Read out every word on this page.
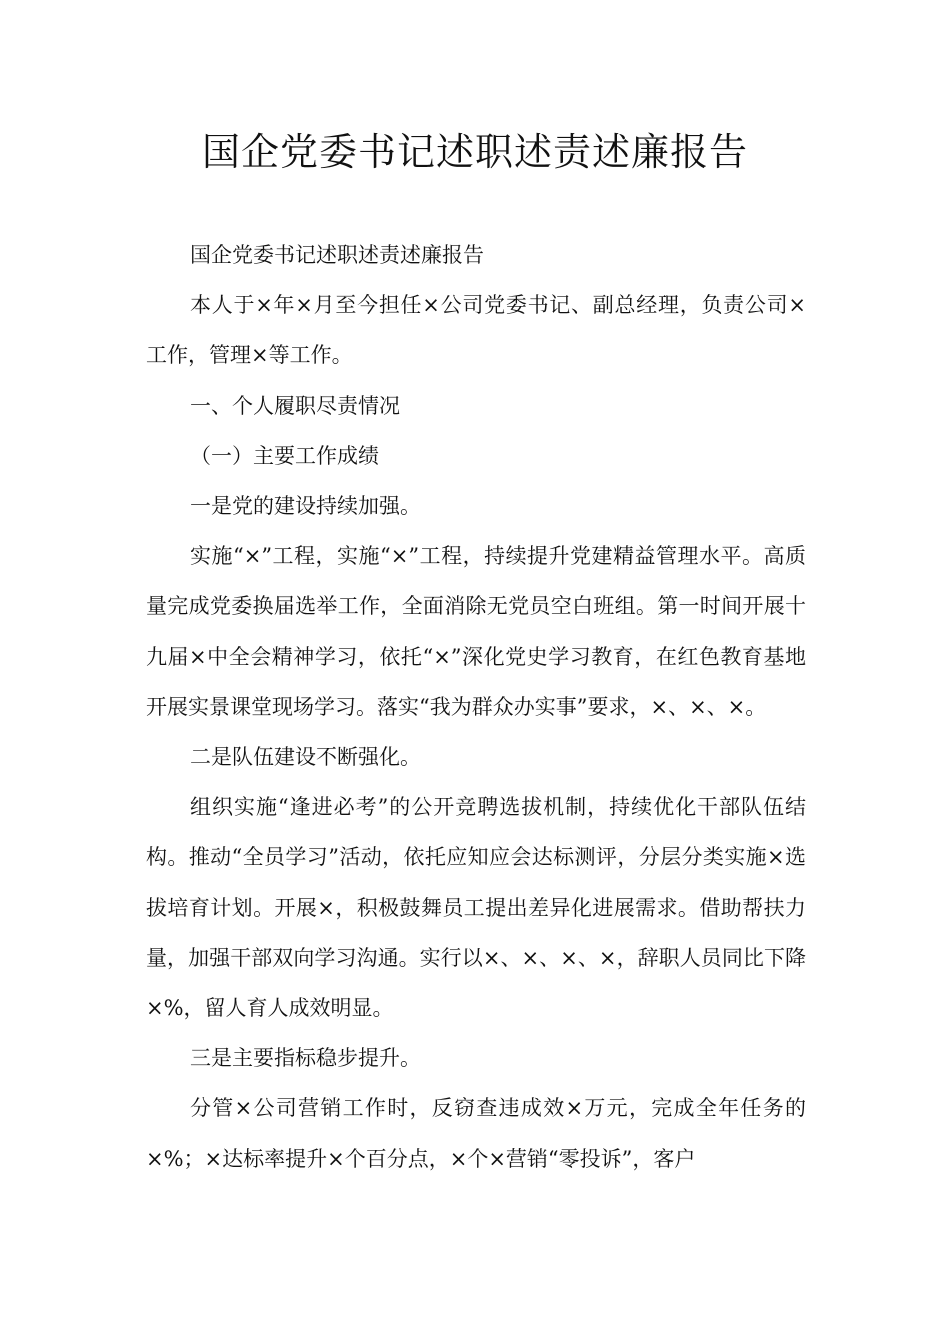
国企党委书记述职述责述廉报告

国企党委书记述职述责述廉报告

本人于×年×月至今担任×公司党委书记、副总经理，负责公司×工作，管理×等工作。

一、个人履职尽责情况

（一）主要工作成绩

一是党的建设持续加强。

实施“×”工程，实施“×”工程，持续提升党建精益管理水平。高质量完成党委换届选举工作，全面消除无党员空白班组。第一时间开展十九届×中全会精神学习，依托“×”深化党史学习教育，在红色教育基地开展实景课堂现场学习。落实“我为群众办实事”要求，×、×、×。

二是队伍建设不断强化。

组织实施“逢进必考”的公开竞聘选拔机制，持续优化干部队伍结构。推动“全员学习”活动，依托应知应会达标测评，分层分类实施×选拔培育计划。开展×，积极鼓舞员工提出差异化进展需求。借助帮扶力量，加强干部双向学习沟通。实行以×、×、×、×，辞职人员同比下降×%，留人育人成效明显。

三是主要指标稳步提升。

分管×公司营销工作时，反窃查违成效×万元，完成全年任务的×%；×达标率提升×个百分点，×个×营销“零投诉”，客户
